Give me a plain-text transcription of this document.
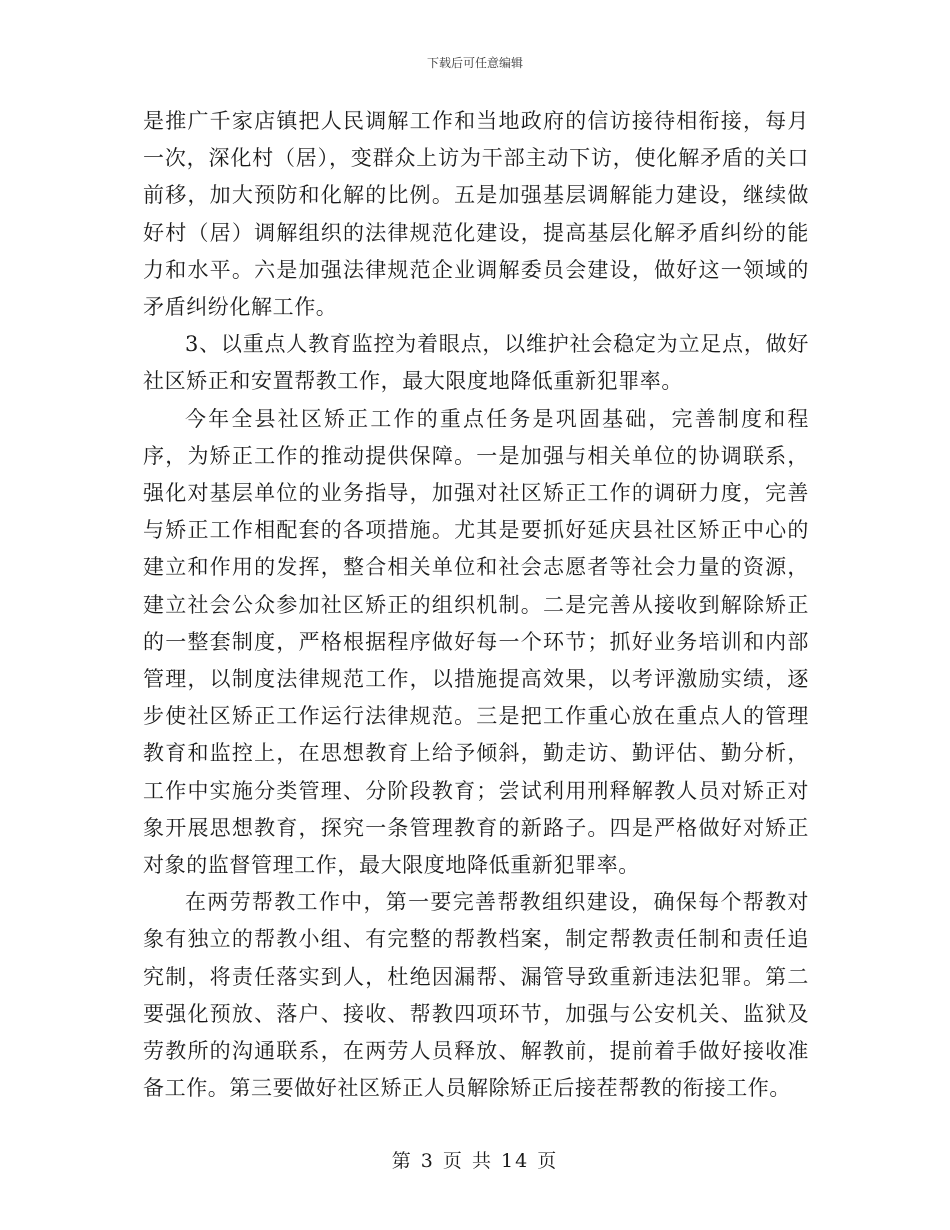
下载后可任意编辑

是推广千家店镇把人民调解工作和当地政府的信访接待相衔接，每月一次，深化村（居），变群众上访为干部主动下访，使化解矛盾的关口前移，加大预防和化解的比例。五是加强基层调解能力建设，继续做好村（居）调解组织的法律规范化建设，提高基层化解矛盾纠纷的能力和水平。六是加强法律规范企业调解委员会建设，做好这一领域的矛盾纠纷化解工作。

3、以重点人教育监控为着眼点，以维护社会稳定为立足点，做好社区矫正和安置帮教工作，最大限度地降低重新犯罪率。

今年全县社区矫正工作的重点任务是巩固基础，完善制度和程序，为矫正工作的推动提供保障。一是加强与相关单位的协调联系，强化对基层单位的业务指导，加强对社区矫正工作的调研力度，完善与矫正工作相配套的各项措施。尤其是要抓好延庆县社区矫正中心的建立和作用的发挥，整合相关单位和社会志愿者等社会力量的资源，建立社会公众参加社区矫正的组织机制。二是完善从接收到解除矫正的一整套制度，严格根据程序做好每一个环节；抓好业务培训和内部管理，以制度法律规范工作，以措施提高效果，以考评激励实绩，逐步使社区矫正工作运行法律规范。三是把工作重心放在重点人的管理教育和监控上，在思想教育上给予倾斜，勤走访、勤评估、勤分析，工作中实施分类管理、分阶段教育；尝试利用刑释解教人员对矫正对象开展思想教育，探究一条管理教育的新路子。四是严格做好对矫正对象的监督管理工作，最大限度地降低重新犯罪率。

在两劳帮教工作中，第一要完善帮教组织建设，确保每个帮教对象有独立的帮教小组、有完整的帮教档案，制定帮教责任制和责任追究制，将责任落实到人，杜绝因漏帮、漏管导致重新违法犯罪。第二要强化预放、落户、接收、帮教四项环节，加强与公安机关、监狱及劳教所的沟通联系，在两劳人员释放、解教前，提前着手做好接收准备工作。第三要做好社区矫正人员解除矫正后接茬帮教的衔接工作。

第 3 页 共 14 页
